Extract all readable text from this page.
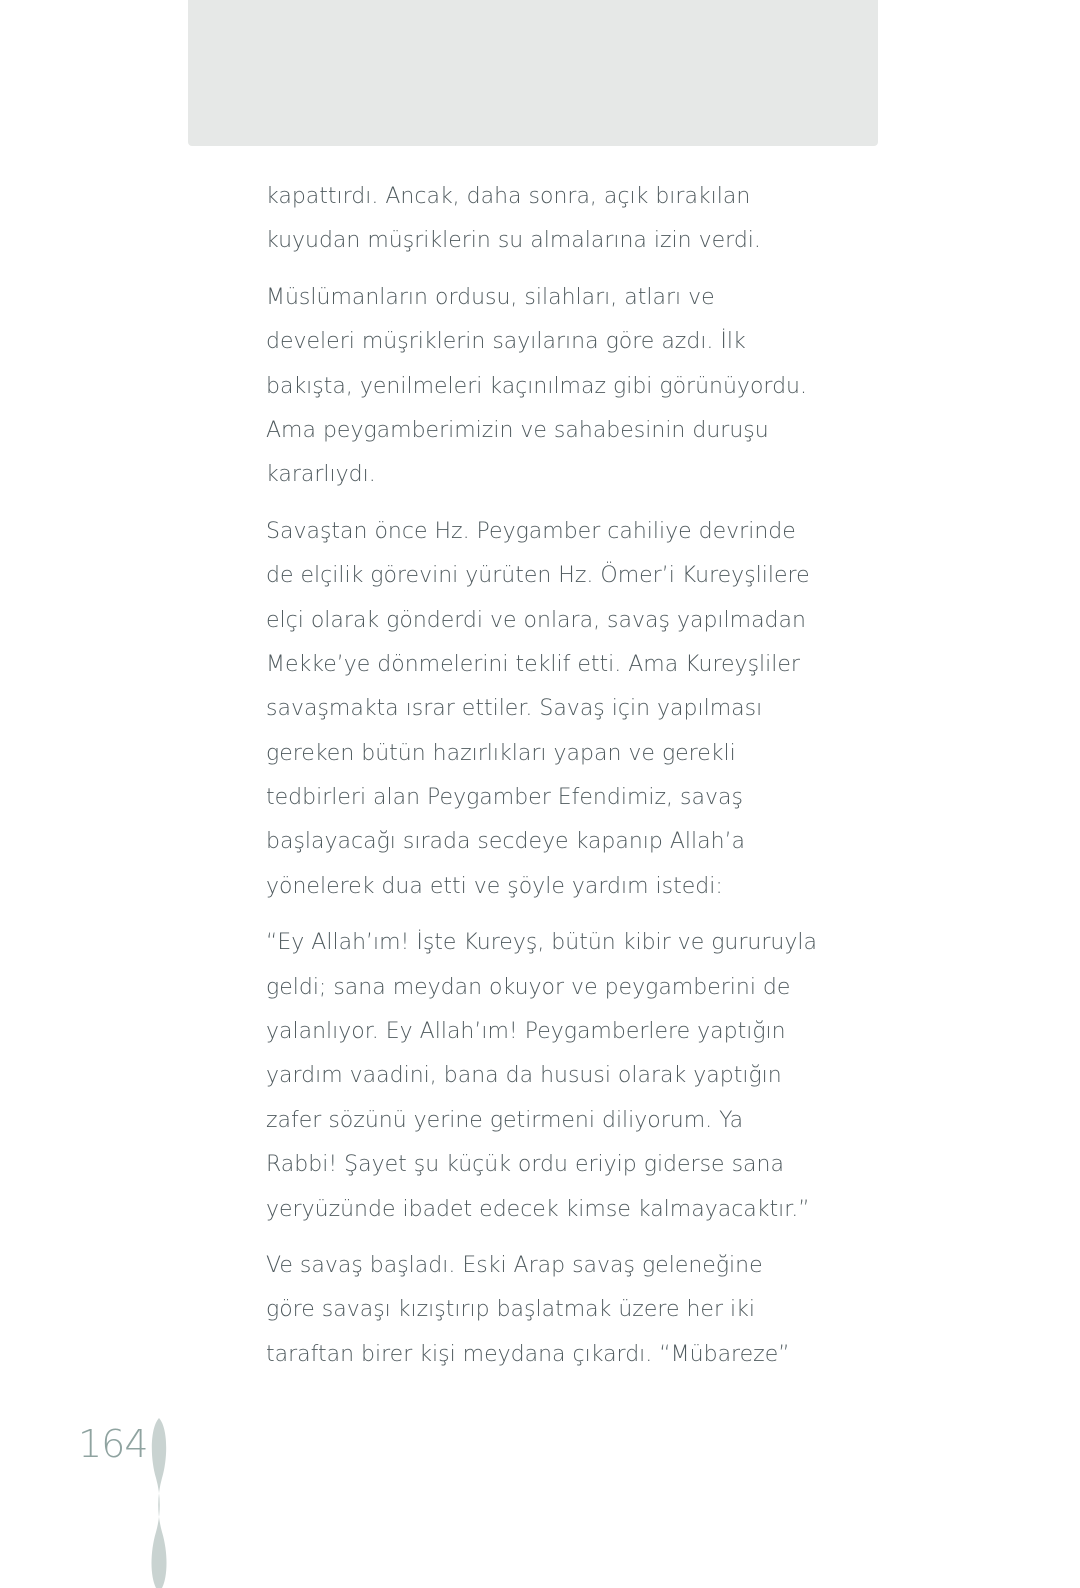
kapattırdı. Ancak, daha sonra, açık bırakılan
kuyudan müşriklerin su almalarına izin verdi.
Müslümanların ordusu, silahları, atları ve
develeri müşriklerin sayılarına göre azdı. İlk
bakışta, yenilmeleri kaçınılmaz gibi görünüyordu.
Ama peygamberimizin ve sahabesinin duruşu
kararlıydı.
Savaştan önce Hz. Peygamber cahiliye devrinde
de elçilik görevini yürüten Hz. Ömer’i Kureyşlilere
elçi olarak gönderdi ve onlara, savaş yapılmadan
Mekke’ye dönmelerini teklif etti. Ama Kureyşliler
savaşmakta ısrar ettiler. Savaş için yapılması
gereken bütün hazırlıkları yapan ve gerekli
tedbirleri alan Peygamber Efendimiz, savaş
başlayacağı sırada secdeye kapanıp Allah’a
yönelerek dua etti ve şöyle yardım istedi:
“Ey Allah’ım! İşte Kureyş, bütün kibir ve gururuyla
geldi; sana meydan okuyor ve peygamberini de
yalanlıyor. Ey Allah’ım! Peygamberlere yaptığın
yardım vaadini, bana da hususi olarak yaptığın
zafer sözünü yerine getirmeni diliyorum. Ya
Rabbi! Şayet şu küçük ordu eriyip giderse sana
yeryüzünde ibadet edecek kimse kalmayacaktır.”
Ve savaş başladı. Eski Arap savaş geleneğine
göre savaşı kızıştırıp başlatmak üzere her iki
taraftan birer kişi meydana çıkardı. “Mübareze”
164
